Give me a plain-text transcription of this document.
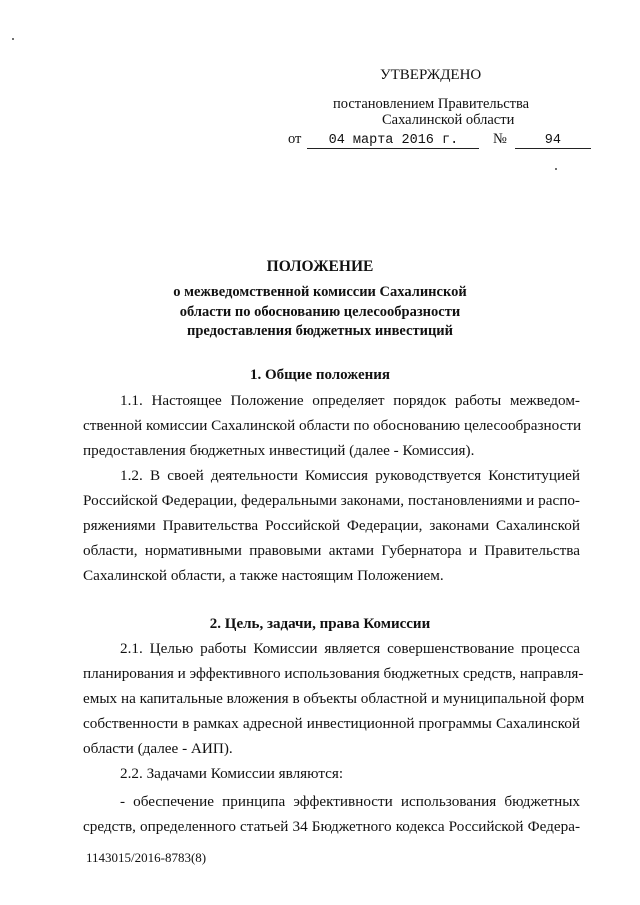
УТВЕРЖДЕНО
постановлением Правительства
Сахалинской области
от 04 марта 2016 г. №	94
ПОЛОЖЕНИЕ
о межведомственной комиссии Сахалинской
области по обоснованию целесообразности
предоставления бюджетных инвестиций
1. Общие положения
1.1. Настоящее Положение определяет порядок работы межведом-
ственной комиссии Сахалинской области по обоснованию целесообразности
предоставления бюджетных инвестиций (далее - Комиссия).
1.2. В своей деятельности Комиссия руководствуется Конституцией
Российской Федерации, федеральными законами, постановлениями и распо-
ряжениями Правительства Российской Федерации, законами Сахалинской
области, нормативными правовыми актами Губернатора и Правительства
Сахалинской области, а также настоящим Положением.
2. Цель, задачи, права Комиссии
2.1. Целью работы Комиссии является совершенствование процесса
планирования и эффективного использования бюджетных средств, направля-
емых на капитальные вложения в объекты областной и муниципальной форм
собственности в рамках адресной инвестиционной программы Сахалинской
области (далее - АИП).
2.2. Задачами Комиссии являются:
- обеспечение принципа эффективности использования бюджетных
средств, определенного статьей 34 Бюджетного кодекса Российской Федера-
1143015/2016-8783(8)
